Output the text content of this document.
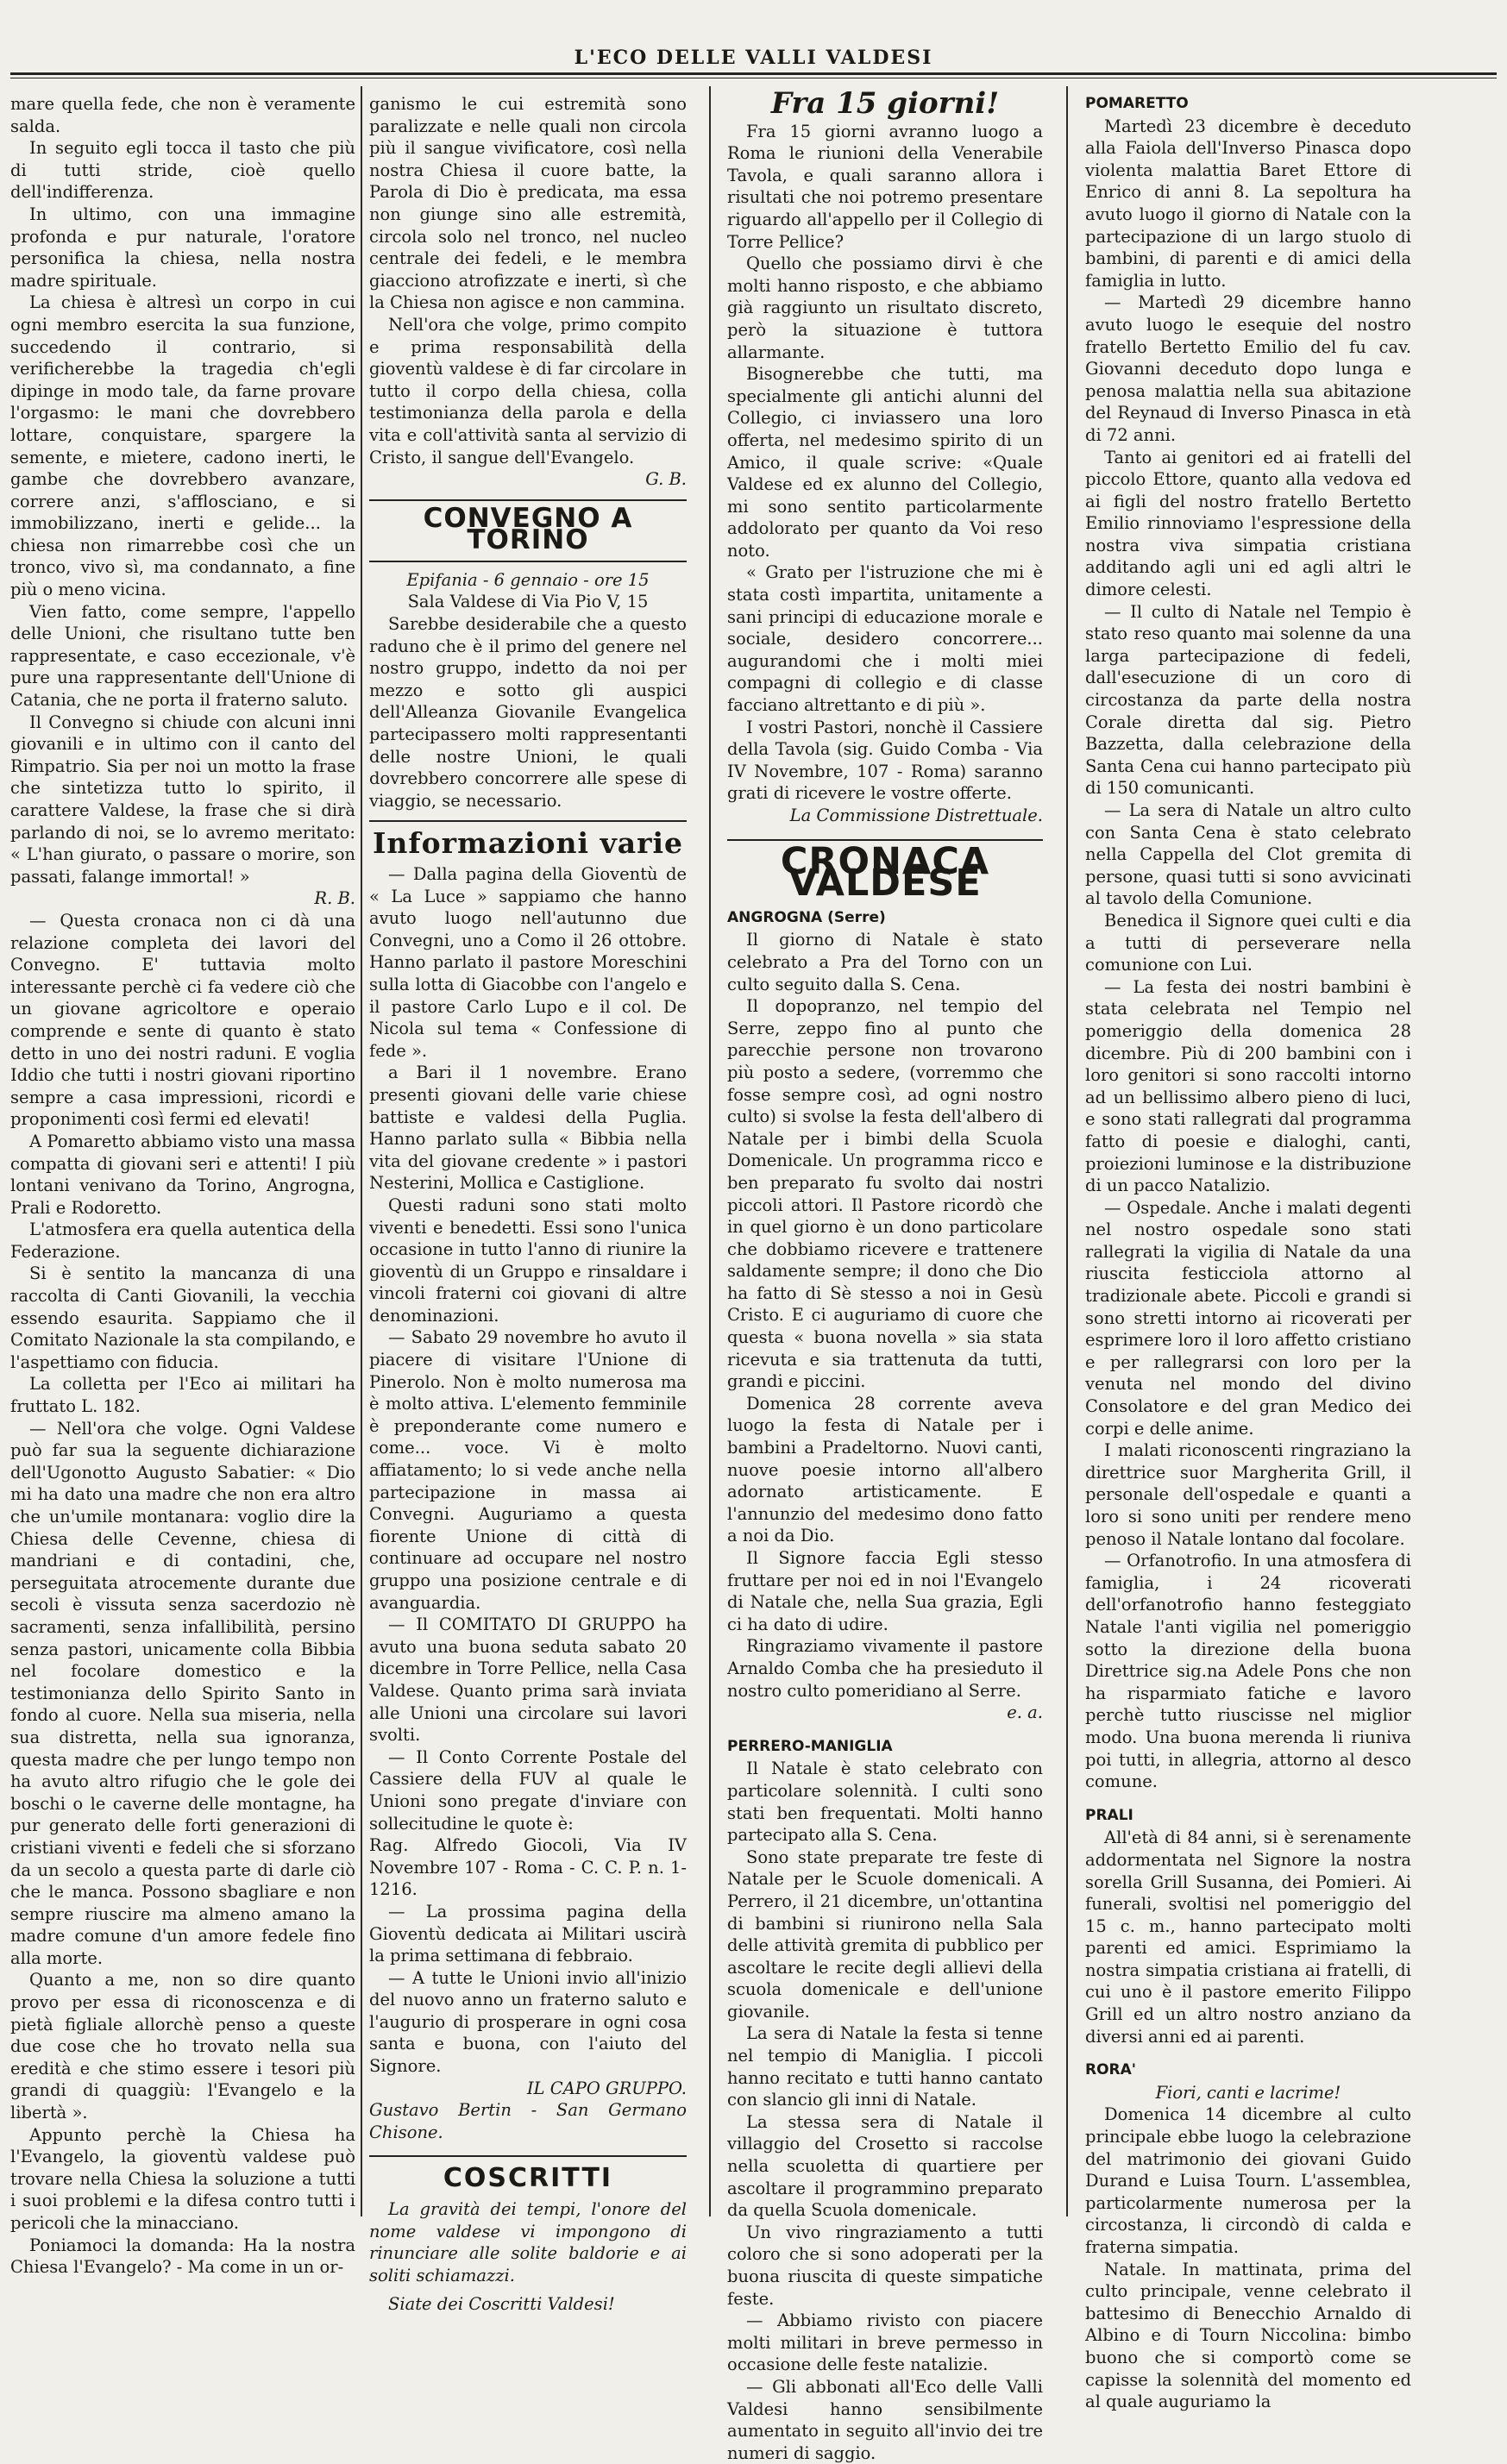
L'ECO DELLE VALLI VALDESI

mare quella fede, che non è veramente salda.

In seguito egli tocca il tasto che più di tutti stride, cioè quello dell'indifferenza.

In ultimo, con una immagine profonda e pur naturale, l'oratore personifica la chiesa, nella nostra madre spirituale.

La chiesa è altresì un corpo in cui ogni membro esercita la sua funzione, succedendo il contrario, si verificherebbe la tragedia ch'egli dipinge in modo tale, da farne provare l'orgasmo: le mani che dovrebbero lottare, conquistare, spargere la semente, e mietere, cadono inerti, le gambe che dovrebbero avanzare, correre anzi, s'afflosciano, e si immobilizzano, inerti e gelide... la chiesa non rimarrebbe così che un tronco, vivo sì, ma condannato, a fine più o meno vicina.

Vien fatto, come sempre, l'appello delle Unioni, che risultano tutte ben rappresentate, e caso eccezionale, v'è pure una rappresentante dell'Unione di Catania, che ne porta il fraterno saluto.

Il Convegno si chiude con alcuni inni giovanili e in ultimo con il canto del Rimpatrio. Sia per noi un motto la frase che sintetizza tutto lo spirito, il carattere Valdese, la frase che si dirà parlando di noi, se lo avremo meritato: « L'han giurato, o passare o morire, son passati, falange immortal! »

R. B.

— Questa cronaca non ci dà una relazione completa dei lavori del Convegno. E' tuttavia molto interessante perchè ci fa vedere ciò che un giovane agricoltore e operaio comprende e sente di quanto è stato detto in uno dei nostri raduni. E voglia Iddio che tutti i nostri giovani riportino sempre a casa impressioni, ricordi e proponimenti così fermi ed elevati!

A Pomaretto abbiamo visto una massa compatta di giovani seri e attenti! I più lontani venivano da Torino, Angrogna, Prali e Rodoretto.

L'atmosfera era quella autentica della Federazione.

Si è sentito la mancanza di una raccolta di Canti Giovanili, la vecchia essendo esaurita. Sappiamo che il Comitato Nazionale la sta compilando, e l'aspettiamo con fiducia.

La colletta per l'Eco ai militari ha fruttato L. 182.

— Nell'ora che volge. Ogni Valdese può far sua la seguente dichiarazione dell'Ugonotto Augusto Sabatier: « Dio mi ha dato una madre che non era altro che un'umile montanara: voglio dire la Chiesa delle Cevenne, chiesa di mandriani e di contadini, che, perseguitata atrocemente durante due secoli è vissuta senza sacerdozio nè sacramenti, senza infallibilità, persino senza pastori, unicamente colla Bibbia nel focolare domestico e la testimonianza dello Spirito Santo in fondo al cuore. Nella sua miseria, nella sua distretta, nella sua ignoranza, questa madre che per lungo tempo non ha avuto altro rifugio che le gole dei boschi o le caverne delle montagne, ha pur generato delle forti generazioni di cristiani viventi e fedeli che si sforzano da un secolo a questa parte di darle ciò che le manca. Possono sbagliare e non sempre riuscire ma almeno amano la madre comune d'un amore fedele fino alla morte.

Quanto a me, non so dire quanto provo per essa di riconoscenza e di pietà figliale allorchè penso a queste due cose che ho trovato nella sua eredità e che stimo essere i tesori più grandi di quaggiù: l'Evangelo e la libertà ».

Appunto perchè la Chiesa ha l'Evangelo, la gioventù valdese può trovare nella Chiesa la soluzione a tutti i suoi problemi e la difesa contro tutti i pericoli che la minacciano.

Poniamoci la domanda: Ha la nostra Chiesa l'Evangelo? - Ma come in un or-

ganismo le cui estremità sono paralizzate e nelle quali non circola più il sangue vivificatore, così nella nostra Chiesa il cuore batte, la Parola di Dio è predicata, ma essa non giunge sino alle estremità, circola solo nel tronco, nel nucleo centrale dei fedeli, e le membra giacciono atrofizzate e inerti, sì che la Chiesa non agisce e non cammina.

Nell'ora che volge, primo compito e prima responsabilità della gioventù valdese è di far circolare in tutto il corpo della chiesa, colla testimonianza della parola e della vita e coll'attività santa al servizio di Cristo, il sangue dell'Evangelo.

G. B.

CONVEGNO A TORINO

Epifania - 6 gennaio - ore 15

Sala Valdese di Via Pio V, 15

Sarebbe desiderabile che a questo raduno che è il primo del genere nel nostro gruppo, indetto da noi per mezzo e sotto gli auspici dell'Alleanza Giovanile Evangelica partecipassero molti rappresentanti delle nostre Unioni, le quali dovrebbero concorrere alle spese di viaggio, se necessario.

Informazioni varie

— Dalla pagina della Gioventù de « La Luce » sappiamo che hanno avuto luogo nell'autunno due Convegni, uno a Como il 26 ottobre. Hanno parlato il pastore Moreschini sulla lotta di Giacobbe con l'angelo e il pastore Carlo Lupo e il col. De Nicola sul tema « Confessione di fede ».

a Bari il 1 novembre. Erano presenti giovani delle varie chiese battiste e valdesi della Puglia. Hanno parlato sulla « Bibbia nella vita del giovane credente » i pastori Nesterini, Mollica e Castiglione.

Questi raduni sono stati molto viventi e benedetti. Essi sono l'unica occasione in tutto l'anno di riunire la gioventù di un Gruppo e rinsaldare i vincoli fraterni coi giovani di altre denominazioni.

— Sabato 29 novembre ho avuto il piacere di visitare l'Unione di Pinerolo. Non è molto numerosa ma è molto attiva. L'elemento femminile è preponderante come numero e come... voce. Vi è molto affiatamento; lo si vede anche nella partecipazione in massa ai Convegni. Auguriamo a questa fiorente Unione di città di continuare ad occupare nel nostro gruppo una posizione centrale e di avanguardia.

— Il COMITATO DI GRUPPO ha avuto una buona seduta sabato 20 dicembre in Torre Pellice, nella Casa Valdese. Quanto prima sarà inviata alle Unioni una circolare sui lavori svolti.

— Il Conto Corrente Postale del Cassiere della FUV al quale le Unioni sono pregate d'inviare con sollecitudine le quote è:

Rag. Alfredo Giocoli, Via IV Novembre 107 - Roma - C. C. P. n. 1-1216.

— La prossima pagina della Gioventù dedicata ai Militari uscirà la prima settimana di febbraio.

— A tutte le Unioni invio all'inizio del nuovo anno un fraterno saluto e l'augurio di prosperare in ogni cosa santa e buona, con l'aiuto del Signore.

IL CAPO GRUPPO.

Gustavo Bertin - San Germano Chisone.

COSCRITTI

La gravità dei tempi, l'onore del nome valdese vi impongono di rinunciare alle solite baldorie e ai soliti schiamazzi.

Siate dei Coscritti Valdesi!

Fra 15 giorni!

Fra 15 giorni avranno luogo a Roma le riunioni della Venerabile Tavola, e quali saranno allora i risultati che noi potremo presentare riguardo all'appello per il Collegio di Torre Pellice?

Quello che possiamo dirvi è che molti hanno risposto, e che abbiamo già raggiunto un risultato discreto, però la situazione è tuttora allarmante.

Bisognerebbe che tutti, ma specialmente gli antichi alunni del Collegio, ci inviassero una loro offerta, nel medesimo spirito di un Amico, il quale scrive: «Quale Valdese ed ex alunno del Collegio, mi sono sentito particolarmente addolorato per quanto da Voi reso noto.

« Grato per l'istruzione che mi è stata costì impartita, unitamente a sani principi di educazione morale e sociale, desidero concorrere... augurandomi che i molti miei compagni di collegio e di classe facciano altrettanto e di più ».

I vostri Pastori, nonchè il Cassiere della Tavola (sig. Guido Comba - Via IV Novembre, 107 - Roma) saranno grati di ricevere le vostre offerte.

La Commissione Distrettuale.

CRONACA VALDESE
ANGROGNA (Serre)

Il giorno di Natale è stato celebrato a Pra del Torno con un culto seguito dalla S. Cena.

Il dopopranzo, nel tempio del Serre, zeppo fino al punto che parecchie persone non trovarono più posto a sedere, (vorremmo che fosse sempre così, ad ogni nostro culto) si svolse la festa dell'albero di Natale per i bimbi della Scuola Domenicale. Un programma ricco e ben preparato fu svolto dai nostri piccoli attori. Il Pastore ricordò che in quel giorno è un dono particolare che dobbiamo ricevere e trattenere saldamente sempre; il dono che Dio ha fatto di Sè stesso a noi in Gesù Cristo. E ci auguriamo di cuore che questa « buona novella » sia stata ricevuta e sia trattenuta da tutti, grandi e piccini.

Domenica 28 corrente aveva luogo la festa di Natale per i bambini a Pradeltorno. Nuovi canti, nuove poesie intorno all'albero adornato artisticamente. E l'annunzio del medesimo dono fatto a noi da Dio.

Il Signore faccia Egli stesso fruttare per noi ed in noi l'Evangelo di Natale che, nella Sua grazia, Egli ci ha dato di udire.

Ringraziamo vivamente il pastore Arnaldo Comba che ha presieduto il nostro culto pomeridiano al Serre.

e. a.

PERRERO-MANIGLIA

Il Natale è stato celebrato con particolare solennità. I culti sono stati ben frequentati. Molti hanno partecipato alla S. Cena.

Sono state preparate tre feste di Natale per le Scuole domenicali. A Perrero, il 21 dicembre, un'ottantina di bambini si riunirono nella Sala delle attività gremita di pubblico per ascoltare le recite degli allievi della scuola domenicale e dell'unione giovanile.

La sera di Natale la festa si tenne nel tempio di Maniglia. I piccoli hanno recitato e tutti hanno cantato con slancio gli inni di Natale.

La stessa sera di Natale il villaggio del Crosetto si raccolse nella scuoletta di quartiere per ascoltare il programmino preparato da quella Scuola domenicale.

Un vivo ringraziamento a tutti coloro che si sono adoperati per la buona riuscita di queste simpatiche feste.

— Abbiamo rivisto con piacere molti militari in breve permesso in occasione delle feste natalizie.

— Gli abbonati all'Eco delle Valli Valdesi hanno sensibilmente aumentato in seguito all'invio dei tre numeri di saggio.

POMARETTO

Martedì 23 dicembre è deceduto alla Faiola dell'Inverso Pinasca dopo violenta malattia Baret Ettore di Enrico di anni 8. La sepoltura ha avuto luogo il giorno di Natale con la partecipazione di un largo stuolo di bambini, di parenti e di amici della famiglia in lutto.

— Martedì 29 dicembre hanno avuto luogo le esequie del nostro fratello Bertetto Emilio del fu cav. Giovanni deceduto dopo lunga e penosa malattia nella sua abitazione del Reynaud di Inverso Pinasca in età di 72 anni.

Tanto ai genitori ed ai fratelli del piccolo Ettore, quanto alla vedova ed ai figli del nostro fratello Bertetto Emilio rinnoviamo l'espressione della nostra viva simpatia cristiana additando agli uni ed agli altri le dimore celesti.

— Il culto di Natale nel Tempio è stato reso quanto mai solenne da una larga partecipazione di fedeli, dall'esecuzione di un coro di circostanza da parte della nostra Corale diretta dal sig. Pietro Bazzetta, dalla celebrazione della Santa Cena cui hanno partecipato più di 150 comunicanti.

— La sera di Natale un altro culto con Santa Cena è stato celebrato nella Cappella del Clot gremita di persone, quasi tutti si sono avvicinati al tavolo della Comunione.

Benedica il Signore quei culti e dia a tutti di perseverare nella comunione con Lui.

— La festa dei nostri bambini è stata celebrata nel Tempio nel pomeriggio della domenica 28 dicembre. Più di 200 bambini con i loro genitori si sono raccolti intorno ad un bellissimo albero pieno di luci, e sono stati rallegrati dal programma fatto di poesie e dialoghi, canti, proiezioni luminose e la distribuzione di un pacco Natalizio.

— Ospedale. Anche i malati degenti nel nostro ospedale sono stati rallegrati la vigilia di Natale da una riuscita festicciola attorno al tradizionale abete. Piccoli e grandi si sono stretti intorno ai ricoverati per esprimere loro il loro affetto cristiano e per rallegrarsi con loro per la venuta nel mondo del divino Consolatore e del gran Medico dei corpi e delle anime.

I malati riconoscenti ringraziano la direttrice suor Margherita Grill, il personale dell'ospedale e quanti a loro si sono uniti per rendere meno penoso il Natale lontano dal focolare.

— Orfanotrofio. In una atmosfera di famiglia, i 24 ricoverati dell'orfanotrofio hanno festeggiato Natale l'anti vigilia nel pomeriggio sotto la direzione della buona Direttrice sig.na Adele Pons che non ha risparmiato fatiche e lavoro perchè tutto riuscisse nel miglior modo. Una buona merenda li riuniva poi tutti, in allegria, attorno al desco comune.

PRALI

All'età di 84 anni, si è serenamente addormentata nel Signore la nostra sorella Grill Susanna, dei Pomieri. Ai funerali, svoltisi nel pomeriggio del 15 c. m., hanno partecipato molti parenti ed amici. Esprimiamo la nostra simpatia cristiana ai fratelli, di cui uno è il pastore emerito Filippo Grill ed un altro nostro anziano da diversi anni ed ai parenti.

RORA'

Fiori, canti e lacrime!

Domenica 14 dicembre al culto principale ebbe luogo la celebrazione del matrimonio dei giovani Guido Durand e Luisa Tourn. L'assemblea, particolarmente numerosa per la circostanza, li circondò di calda e fraterna simpatia.

Natale. In mattinata, prima del culto principale, venne celebrato il battesimo di Benecchio Arnaldo di Albino e di Tourn Niccolina: bimbo buono che si comportò come se capisse la solennità del momento ed al quale auguriamo la
